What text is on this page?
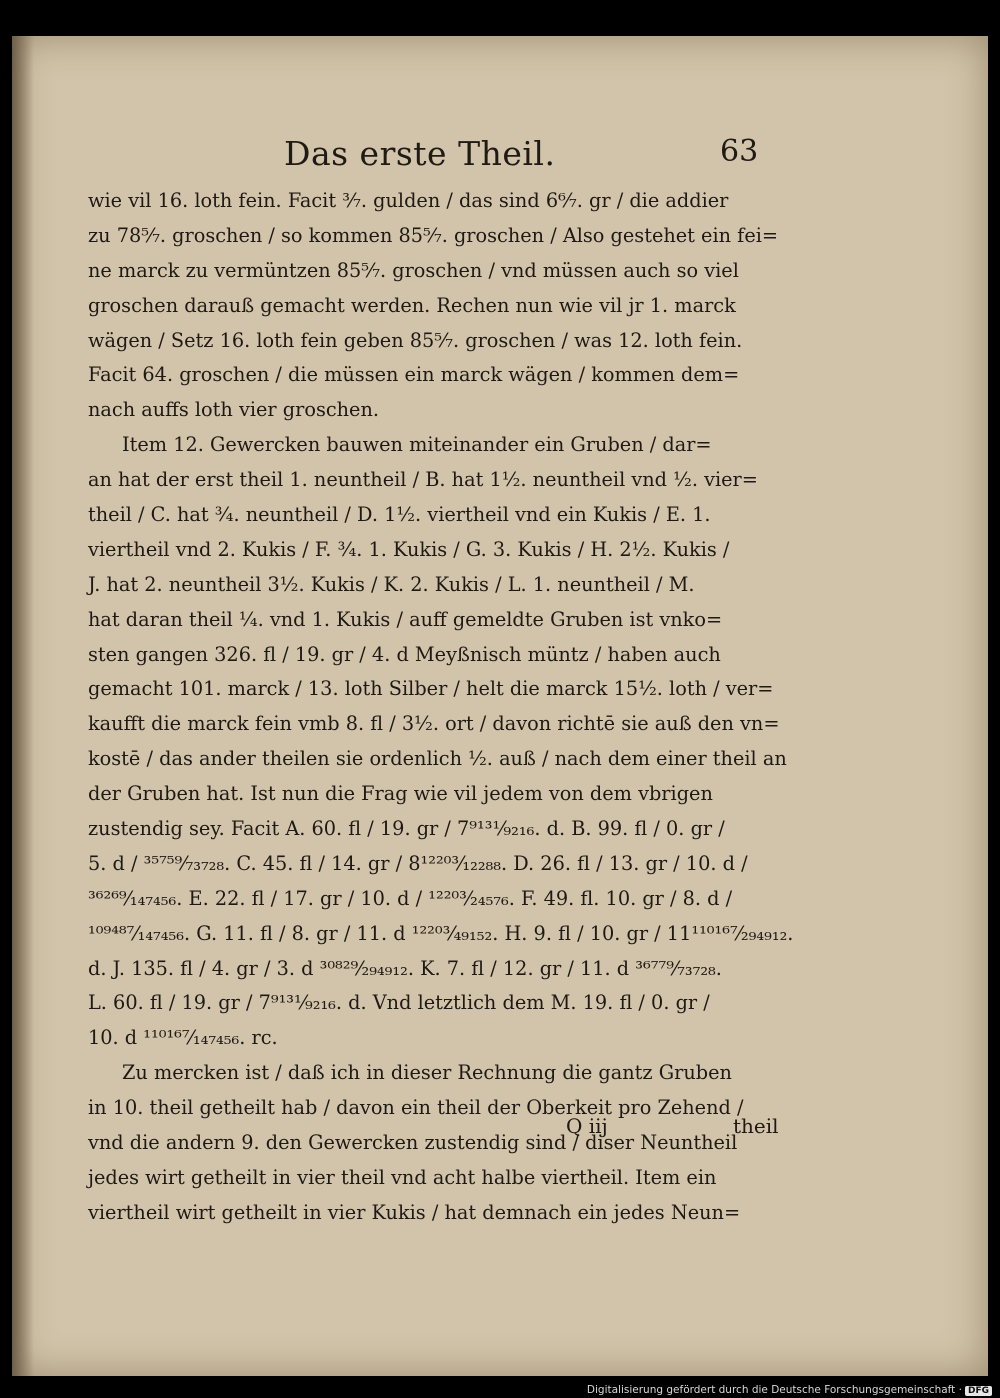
Das erste Theil.	63
wie vil 16. loth fein. Facit ³⁄₇. gulden / das sind 6⁶⁄₇. gr / die addier
zu 78⁵⁄₇. groschen / so kommen 85⁵⁄₇. groschen / Also gestehet ein fei=
ne marck zu vermüntzen 85⁵⁄₇. groschen / vnd müssen auch so viel
groschen darauß gemacht werden. Rechen nun wie vil jr 1. marck
wägen / Setz 16. loth fein geben 85⁵⁄₇. groschen / was 12. loth fein.
Facit 64. groschen / die müssen ein marck wägen / kommen dem=
nach auffs loth vier groschen.
Item 12. Gewercken bauwen miteinander ein Gruben / dar=
an hat der erst theil 1. neuntheil / B. hat 1½. neuntheil vnd ½. vier=
theil / C. hat ¾. neuntheil / D. 1½. viertheil vnd ein Kukis / E. 1.
viertheil vnd 2. Kukis / F. ¾. 1. Kukis / G. 3. Kukis / H. 2½. Kukis /
J. hat 2. neuntheil 3½. Kukis / K. 2. Kukis / L. 1. neuntheil / M.
hat daran theil ¼. vnd 1. Kukis / auff gemeldte Gruben ist vnko=
sten gangen 326. fl / 19. gr / 4. d Meyßnisch müntz / haben auch
gemacht 101. marck / 13. loth Silber / helt die marck 15½. loth / ver=
kaufft die marck fein vmb 8. fl / 3½. ort / davon richtē sie auß den vn=
kostē / das ander theilen sie ordenlich ½. auß / nach dem einer theil an
der Gruben hat. Ist nun die Frag wie vil jedem von dem vbrigen
zustendig sey. Facit A. 60. fl / 19. gr / 7⁹¹³¹⁄₉₂₁₆. d. B. 99. fl / 0. gr /
5. d / ³⁵⁷⁵⁹⁄₇₃₇₂₈. C. 45. fl / 14. gr / 8¹²²⁰³⁄₁₂₂₈₈. D. 26. fl / 13. gr / 10. d /
³⁶²⁶⁹⁄₁₄₇₄₅₆. E. 22. fl / 17. gr / 10. d / ¹²²⁰³⁄₂₄₅₇₆. F. 49. fl. 10. gr / 8. d /
¹⁰⁹⁴⁸⁷⁄₁₄₇₄₅₆. G. 11. fl / 8. gr / 11. d ¹²²⁰³⁄₄₉₁₅₂. H. 9. fl / 10. gr / 11¹¹⁰¹⁶⁷⁄₂₉₄₉₁₂.
d. J. 135. fl / 4. gr / 3. d ³⁰⁸²⁹⁄₂₉₄₉₁₂. K. 7. fl / 12. gr / 11. d ³⁶⁷⁷⁹⁄₇₃₇₂₈.
L. 60. fl / 19. gr / 7⁹¹³¹⁄₉₂₁₆. d. Vnd letztlich dem M. 19. fl / 0. gr /
10. d ¹¹⁰¹⁶⁷⁄₁₄₇₄₅₆. rc.
Zu mercken ist / daß ich in dieser Rechnung die gantz Gruben
in 10. theil getheilt hab / davon ein theil der Oberkeit pro Zehend /
vnd die andern 9. den Gewercken zustendig sind / diser Neuntheil
jedes wirt getheilt in vier theil vnd acht halbe viertheil. Item ein
viertheil wirt getheilt in vier Kukis / hat demnach ein jedes Neun=
Q iij	theil
Digitalisierung gefördert durch die Deutsche Forschungsgemeinschaft · DFG
